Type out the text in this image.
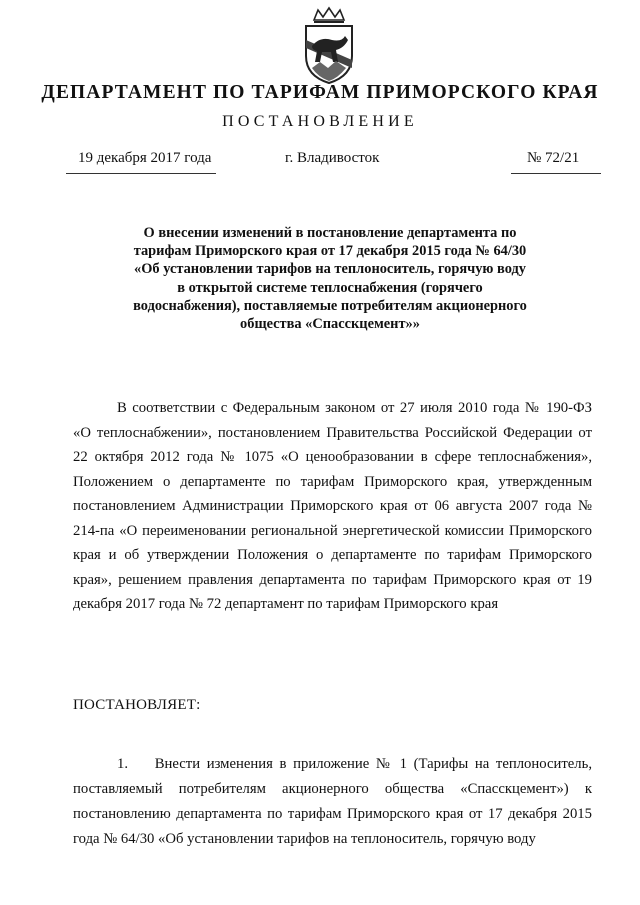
ДЕПАРТАМЕНТ ПО ТАРИФАМ ПРИМОРСКОГО КРАЯ
ПОСТАНОВЛЕНИЕ
19 декабря 2017 года	г. Владивосток	№ 72/21
О внесении изменений в постановление департамента по тарифам Приморского края от 17 декабря 2015 года № 64/30 «Об установлении тарифов на теплоноситель, горячую воду в открытой системе теплоснабжения (горячего водоснабжения), поставляемые потребителям акционерного общества «Спасскцемент»»

В соответствии с Федеральным законом от 27 июля 2010 года № 190-ФЗ «О теплоснабжении», постановлением Правительства Российской Федерации от 22 октября 2012 года № 1075 «О ценообразовании в сфере теплоснабжения», Положением о департаменте по тарифам Приморского края, утвержденным постановлением Администрации Приморского края от 06 августа 2007 года № 214-па «О переименовании региональной энергетической комиссии Приморского края и об утверждении Положения о департаменте по тарифам Приморского края», решением правления департамента по тарифам Приморского края от 19 декабря 2017 года № 72 департамент по тарифам Приморского края

ПОСТАНОВЛЯЕТ:

1.    Внести изменения в приложение № 1 (Тарифы на теплоноситель, поставляемый потребителям акционерного общества «Спасскцемент») к постановлению департамента по тарифам Приморского края от 17 декабря 2015 года № 64/30 «Об установлении тарифов на теплоноситель, горячую воду
